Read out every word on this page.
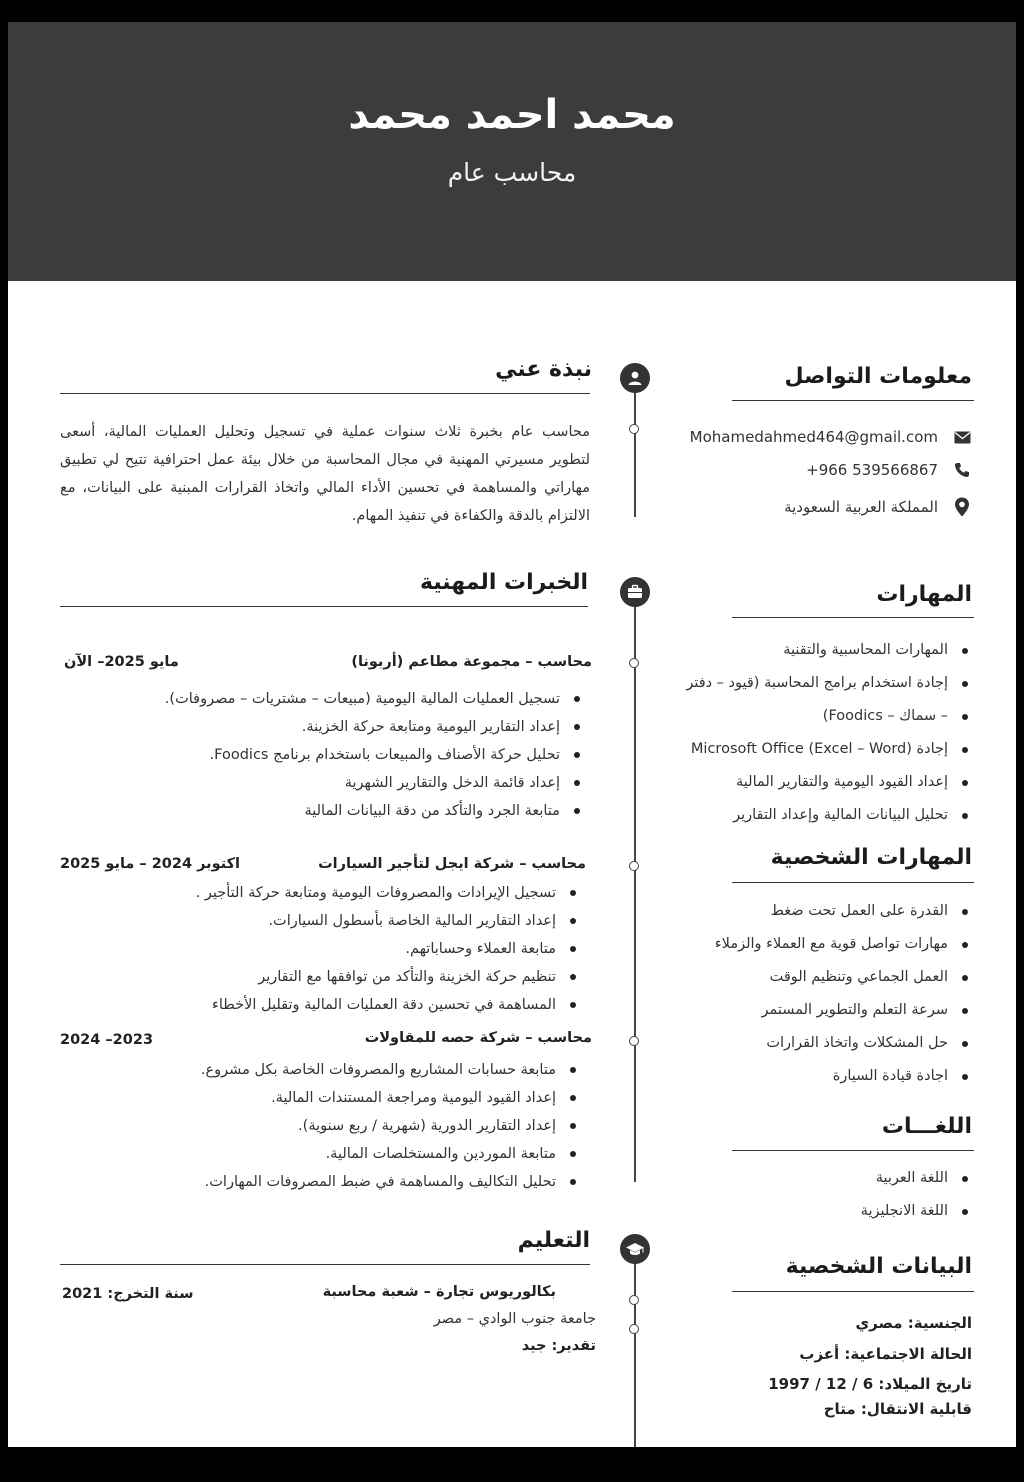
محمد احمد محمد
محاسب عام
نبذة عني
محاسب عام بخبرة ثلاث سنوات عملية في تسجيل وتحليل العمليات المالية، أسعى لتطوير مسيرتي المهنية في مجال المحاسبة من خلال بيئة عمل احترافية تتيح لي تطبيق مهاراتي والمساهمة في تحسين الأداء المالي واتخاذ القرارات المبنية على البيانات، مع الالتزام بالدقة والكفاءة في تنفيذ المهام.
معلومات التواصل
Mohamedahmed464@gmail.com
+966 539566867
المملكة العربية السعودية
المهارات
المهارات المحاسبية والتقنية
إجادة استخدام برامج المحاسبة (قيود – دفتر
– سماك – Foodics)
إجادة Microsoft Office (Excel – Word)
إعداد القيود اليومية والتقارير المالية
تحليل البيانات المالية وإعداد التقارير
المهارات الشخصية
القدرة على العمل تحت ضغط
مهارات تواصل قوية مع العملاء والزملاء
العمل الجماعي وتنظيم الوقت
سرعة التعلم والتطوير المستمر
حل المشكلات واتخاذ القرارات
اجادة قيادة السيارة
اللغـــات
اللغة العربية
اللغة الانجليزية
البيانات الشخصية
الجنسية: مصري
الحالة الاجتماعية: أعزب
تاريخ الميلاد: 6 / 12 / 1997
قابلية الانتقال: متاح
الخبرات المهنية
محاسب – مجموعة مطاعم (أربونا)
مايو 2025– الآن
تسجيل العمليات المالية اليومية (مبيعات – مشتريات – مصروفات).
إعداد التقارير اليومية ومتابعة حركة الخزينة.
تحليل حركة الأصناف والمبيعات باستخدام برنامج Foodics.
إعداد قائمة الدخل والتقارير الشهرية
متابعة الجرد والتأكد من دقة البيانات المالية
محاسب – شركة ايجل لتأجير السيارات
اكتوبر 2024 – مايو 2025
تسجيل الإيرادات والمصروفات اليومية ومتابعة حركة التأجير .
إعداد التقارير المالية الخاصة بأسطول السيارات.
متابعة العملاء وحساباتهم.
تنظيم حركة الخزينة والتأكد من توافقها مع التقارير
المساهمة في تحسين دقة العمليات المالية وتقليل الأخطاء
محاسب – شركة حصه للمقاولات
2023– 2024
متابعة حسابات المشاريع والمصروفات الخاصة بكل مشروع.
إعداد القيود اليومية ومراجعة المستندات المالية.
إعداد التقارير الدورية (شهرية / ربع سنوية).
متابعة الموردين والمستخلصات المالية.
تحليل التكاليف والمساهمة في ضبط المصروفات المهارات.
التعليم
بكالوريوس تجارة – شعبة محاسبة
جامعة جنوب الوادي – مصر
تقدير: جيد
سنة التخرج: 2021
